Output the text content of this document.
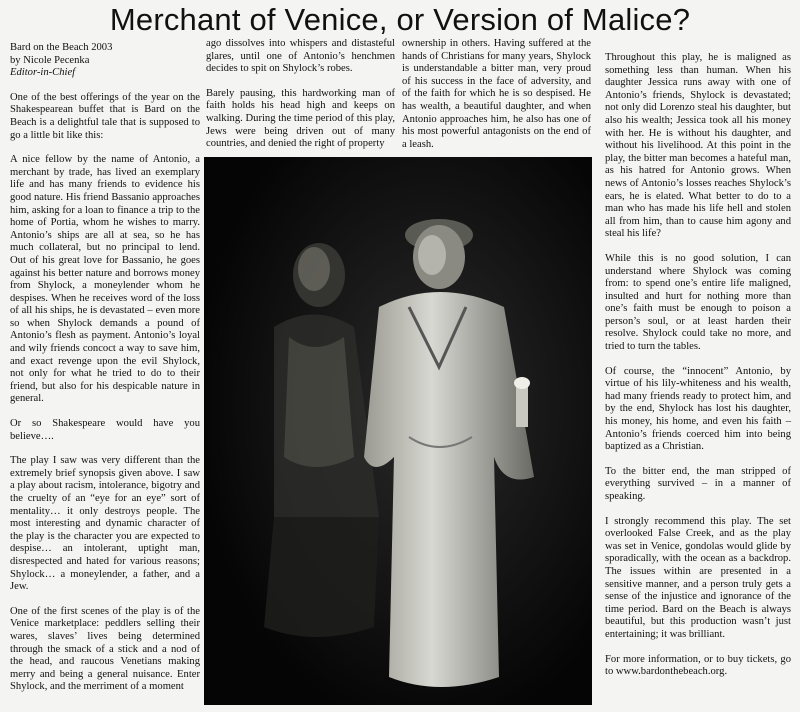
Merchant of Venice, or Version of Malice?

Bard on the Beach 2003
by Nicole Pecenka
Editor-in-Chief

One of the best offerings of the year on the Shakespearean buffet that is Bard on the Beach is a delightful tale that is supposed to go a little bit like this:

A nice fellow by the name of Antonio, a merchant by trade, has lived an exemplary life and has many friends to evidence his good nature. His friend Bassanio approaches him, asking for a loan to finance a trip to the home of Portia, whom he wishes to marry. Antonio’s ships are all at sea, so he has much collateral, but no principal to lend. Out of his great love for Bassanio, he goes against his better nature and borrows money from Shylock, a moneylender whom he despises. When he receives word of the loss of all his ships, he is devastated – even more so when Shylock demands a pound of Antonio’s flesh as payment. Antonio’s loyal and wily friends concoct a way to save him, and exact revenge upon the evil Shylock, not only for what he tried to do to their friend, but also for his despicable nature in general.

Or so Shakespeare would have you believe….

The play I saw was very different than the extremely brief synopsis given above. I saw a play about racism, intolerance, bigotry and the cruelty of an “eye for an eye” sort of mentality… it only destroys people. The most interesting and dynamic character of the play is the character you are expected to despise… an intolerant, uptight man, disrespected and hated for various reasons; Shylock… a moneylender, a father, and a Jew.

One of the first scenes of the play is of the Venice marketplace: peddlers selling their wares, slaves’ lives being determined through the smack of a stick and a nod of the head, and raucous Venetians making merry and being a general nuisance. Enter Shylock, and the merriment of a moment

ago dissolves into whispers and distasteful glares, until one of Antonio’s henchmen decides to spit on Shylock’s robes.

Barely pausing, this hardworking man of faith holds his head high and keeps on walking. During the time period of this play, Jews were being driven out of many countries, and denied the right of property

ownership in others. Having suffered at the hands of Christians for many years, Shylock is understandable a bitter man, very proud of his success in the face of adversity, and of the faith for which he is so despised. He has wealth, a beautiful daughter, and when Antonio approaches him, he also has one of his most powerful antagonists on the end of a leash.

Throughout this play, he is maligned as something less than human. When his daughter Jessica runs away with one of Antonio’s friends, Shylock is devastated; not only did Lorenzo steal his daughter, but also his wealth; Jessica took all his money with her. He is without his daughter, and without his livelihood. At this point in the play, the bitter man becomes a hateful man, as his hatred for Antonio grows. When news of Antonio’s losses reaches Shylock’s ears, he is elated. What better to do to a man who has made his life hell and stolen all from him, than to cause him agony and steal his life?

While this is no good solution, I can understand where Shylock was coming from: to spend one’s entire life maligned, insulted and hurt for nothing more than one’s faith must be enough to poison a person’s soul, or at least harden their resolve. Shylock could take no more, and tried to turn the tables.

Of course, the “innocent” Antonio, by virtue of his lily-whiteness and his wealth, had many friends ready to protect him, and by the end, Shylock has lost his daughter, his money, his home, and even his faith – Antonio’s friends coerced him into being baptized as a Christian.

To the bitter end, the man stripped of everything survived – in a manner of speaking.

I strongly recommend this play. The set overlooked False Creek, and as the play was set in Venice, gondolas would glide by sporadically, with the ocean as a backdrop. The issues within are presented in a sensitive manner, and a person truly gets a sense of the injustice and ignorance of the time period. Bard on the Beach is always beautiful, but this production wasn’t just entertaining; it was brilliant.

For more information, or to buy tickets, go to www.bardonthebeach.org.
